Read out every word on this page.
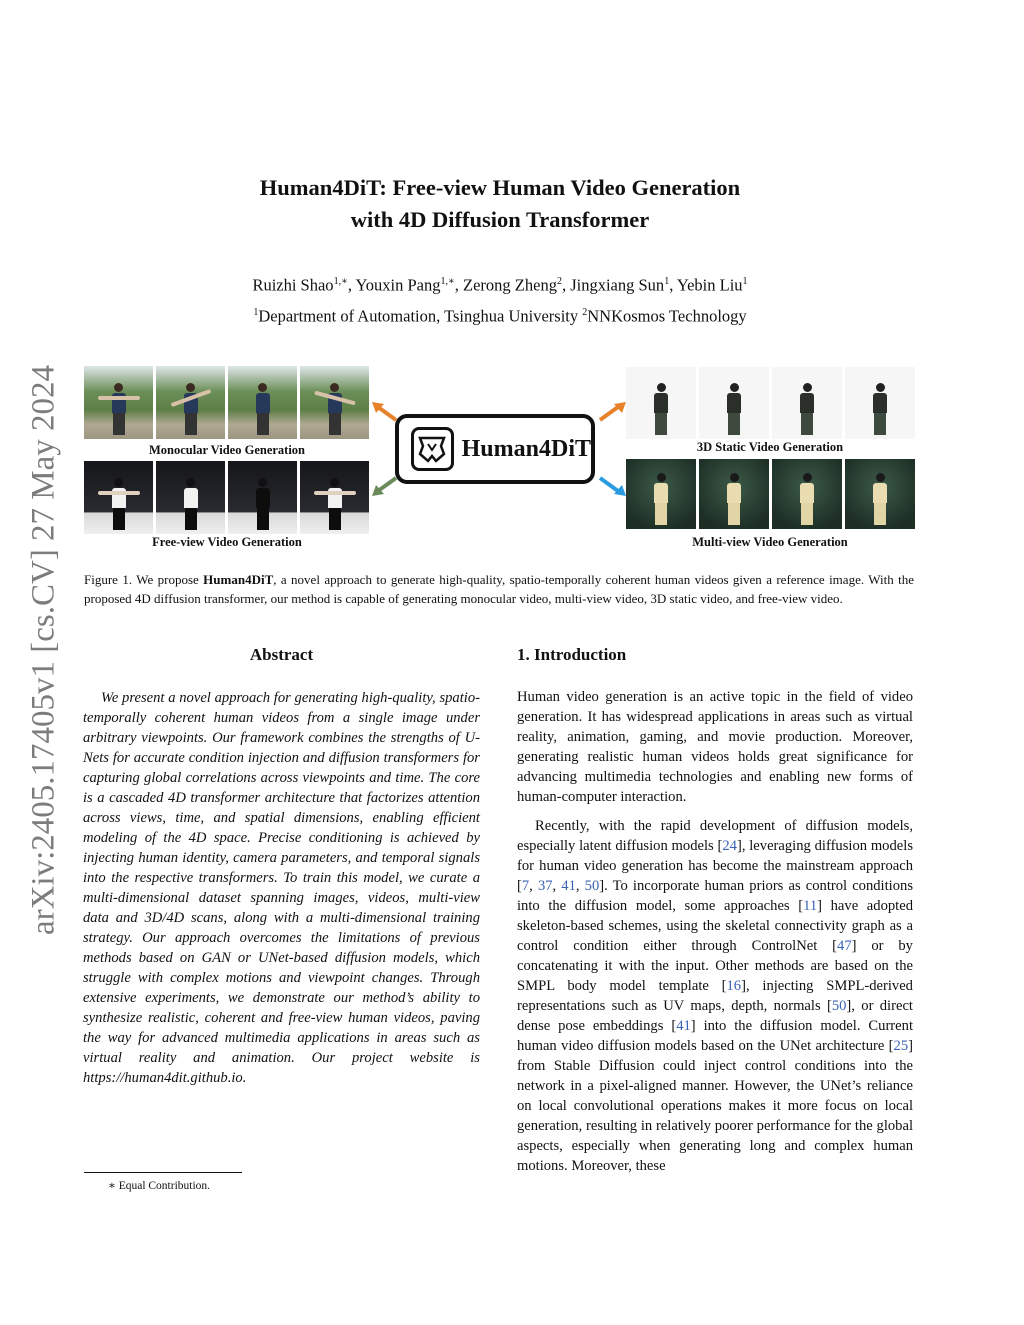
arXiv:2405.17405v1 [cs.CV] 27 May 2024
Human4DiT: Free-view Human Video Generation
with 4D Diffusion Transformer
Ruizhi Shao$^{1,∗}$, Youxin Pang$^{1,∗}$, Zerong Zheng$^2$, Jingxiang Sun$^1$, Yebin Liu$^1$
$^1$Department of Automation, Tsinghua University $^2$NNKosmos Technology
Monocular Video Generation
Free-view Video Generation
3D Static Video Generation
Multi-view Video Generation
Human4DiT
Figure 1. We propose Human4DiT, a novel approach to generate high-quality, spatio-temporally coherent human videos given a reference image. With the proposed 4D diffusion transformer, our method is capable of generating monocular video, multi-view video, 3D static video, and free-view video.
Abstract
We present a novel approach for generating high-quality, spatio-temporally coherent human videos from a single image under arbitrary viewpoints. Our framework combines the strengths of U-Nets for accurate condition injection and diffusion transformers for capturing global correlations across viewpoints and time. The core is a cascaded 4D transformer architecture that factorizes attention across views, time, and spatial dimensions, enabling efficient modeling of the 4D space. Precise conditioning is achieved by injecting human identity, camera parameters, and temporal signals into the respective transformers. To train this model, we curate a multi-dimensional dataset spanning images, videos, multi-view data and 3D/4D scans, along with a multi-dimensional training strategy. Our approach overcomes the limitations of previous methods based on GAN or UNet-based diffusion models, which struggle with complex motions and viewpoint changes. Through extensive experiments, we demonstrate our method’s ability to synthesize realistic, coherent and free-view human videos, paving the way for advanced multimedia applications in areas such as virtual reality and animation. Our project website is https://human4dit.github.io.
1. Introduction

Human video generation is an active topic in the field of video generation. It has widespread applications in areas such as virtual reality, animation, gaming, and movie production. Moreover, generating realistic human videos holds great significance for advancing multimedia technologies and enabling new forms of human-computer interaction.

Recently, with the rapid development of diffusion models, especially latent diffusion models [24], leveraging diffusion models for human video generation has become the mainstream approach [7, 37, 41, 50]. To incorporate human priors as control conditions into the diffusion model, some approaches [11] have adopted skeleton-based schemes, using the skeletal connectivity graph as a control condition either through ControlNet [47] or by concatenating it with the input. Other methods are based on the SMPL body model template [16], injecting SMPL-derived representations such as UV maps, depth, normals [50], or direct dense pose embeddings [41] into the diffusion model. Current human video diffusion models based on the UNet architecture [25] from Stable Diffusion could inject control conditions into the network in a pixel-aligned manner. However, the UNet’s reliance on local convolutional operations makes it more focus on local generation, resulting in relatively poorer performance for the global aspects, especially when generating long and complex human motions. Moreover, these

∗ Equal Contribution.
